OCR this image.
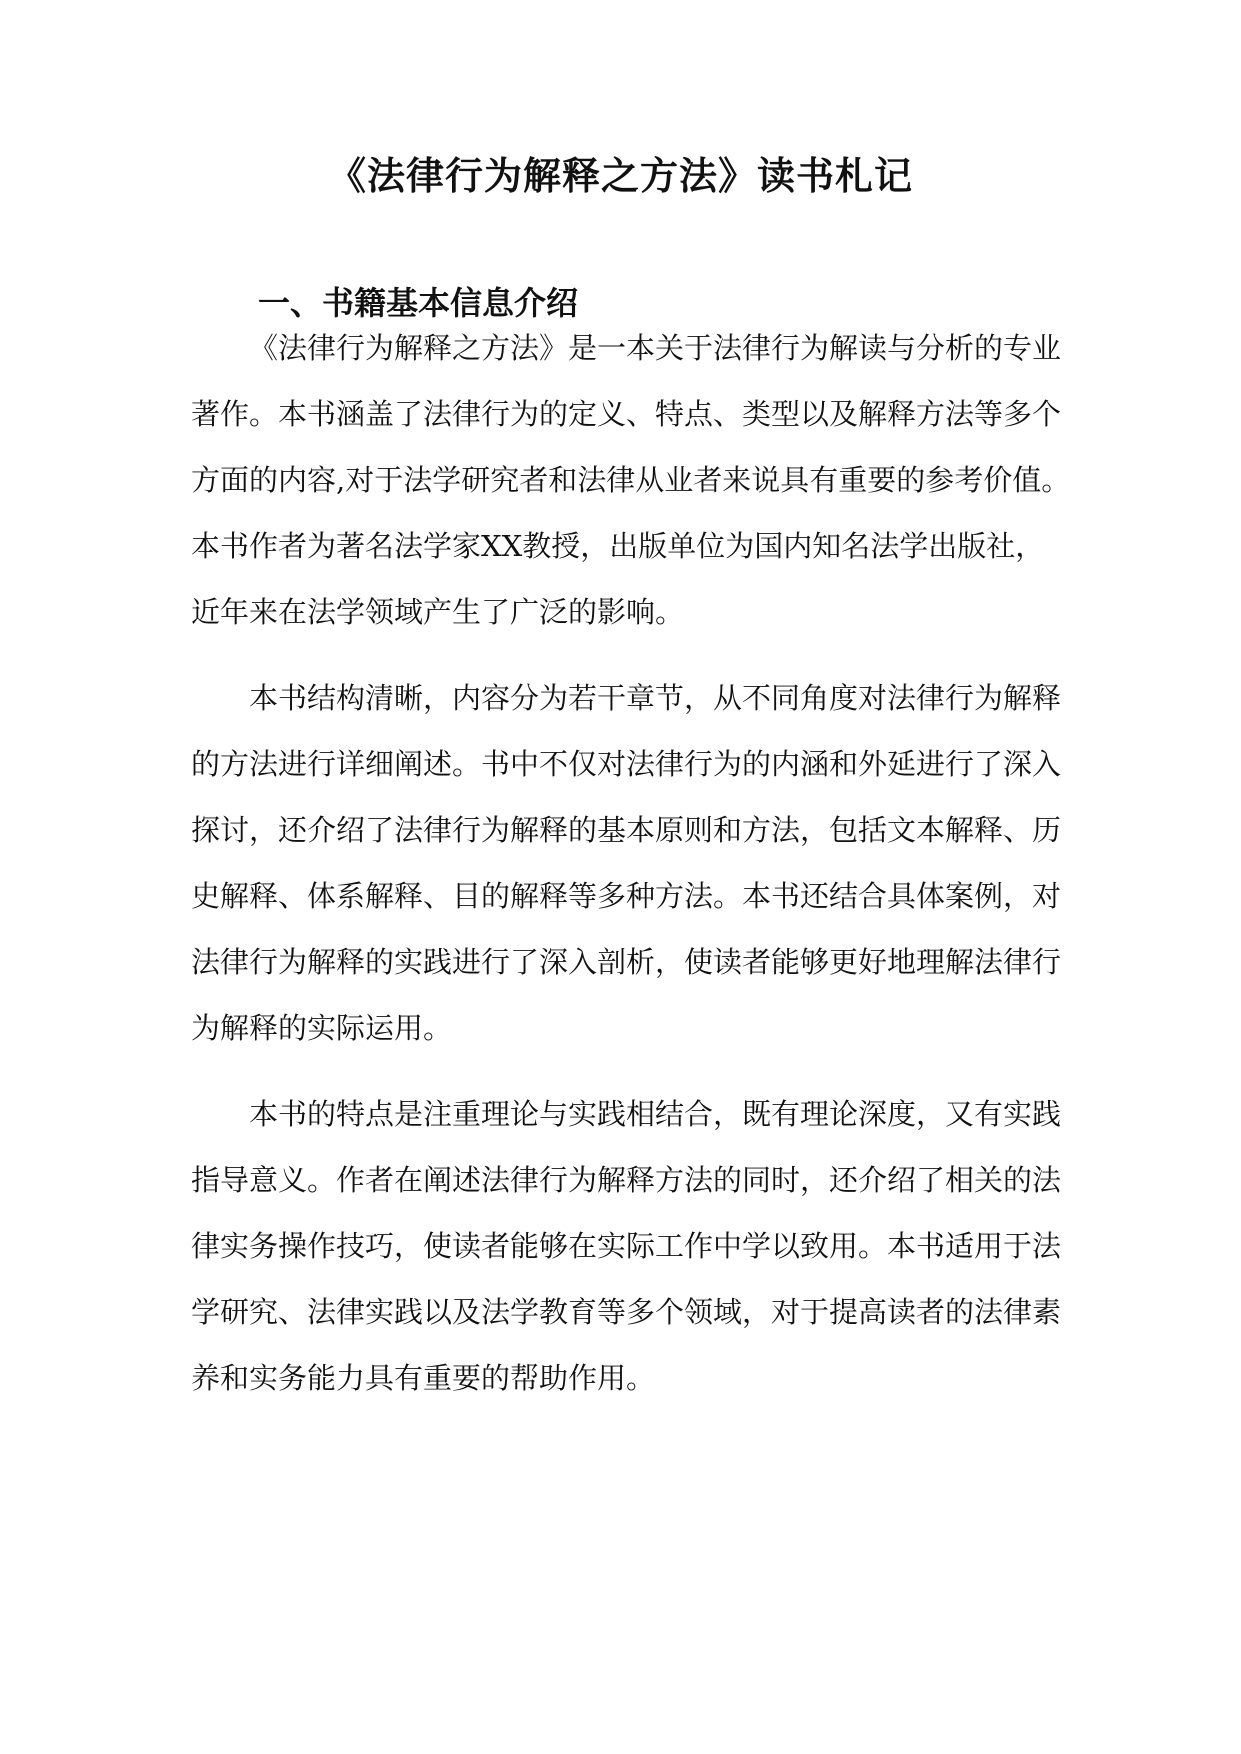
《法律行为解释之方法》读书札记
一、书籍基本信息介绍

《法律行为解释之方法》是一本关于法律行为解读与分析的专业

著作。本书涵盖了法律行为的定义、特点、类型以及解释方法等多个

方面的内容,对于法学研究者和法律从业者来说具有重要的参考价值。

本书作者为著名法学家XX教授，出版单位为国内知名法学出版社，

近年来在法学领域产生了广泛的影响。

本书结构清晰，内容分为若干章节，从不同角度对法律行为解释

的方法进行详细阐述。书中不仅对法律行为的内涵和外延进行了深入

探讨，还介绍了法律行为解释的基本原则和方法，包括文本解释、历

史解释、体系解释、目的解释等多种方法。本书还结合具体案例，对

法律行为解释的实践进行了深入剖析，使读者能够更好地理解法律行

为解释的实际运用。

本书的特点是注重理论与实践相结合，既有理论深度，又有实践

指导意义。作者在阐述法律行为解释方法的同时，还介绍了相关的法

律实务操作技巧，使读者能够在实际工作中学以致用。本书适用于法

学研究、法律实践以及法学教育等多个领域，对于提高读者的法律素

养和实务能力具有重要的帮助作用。
